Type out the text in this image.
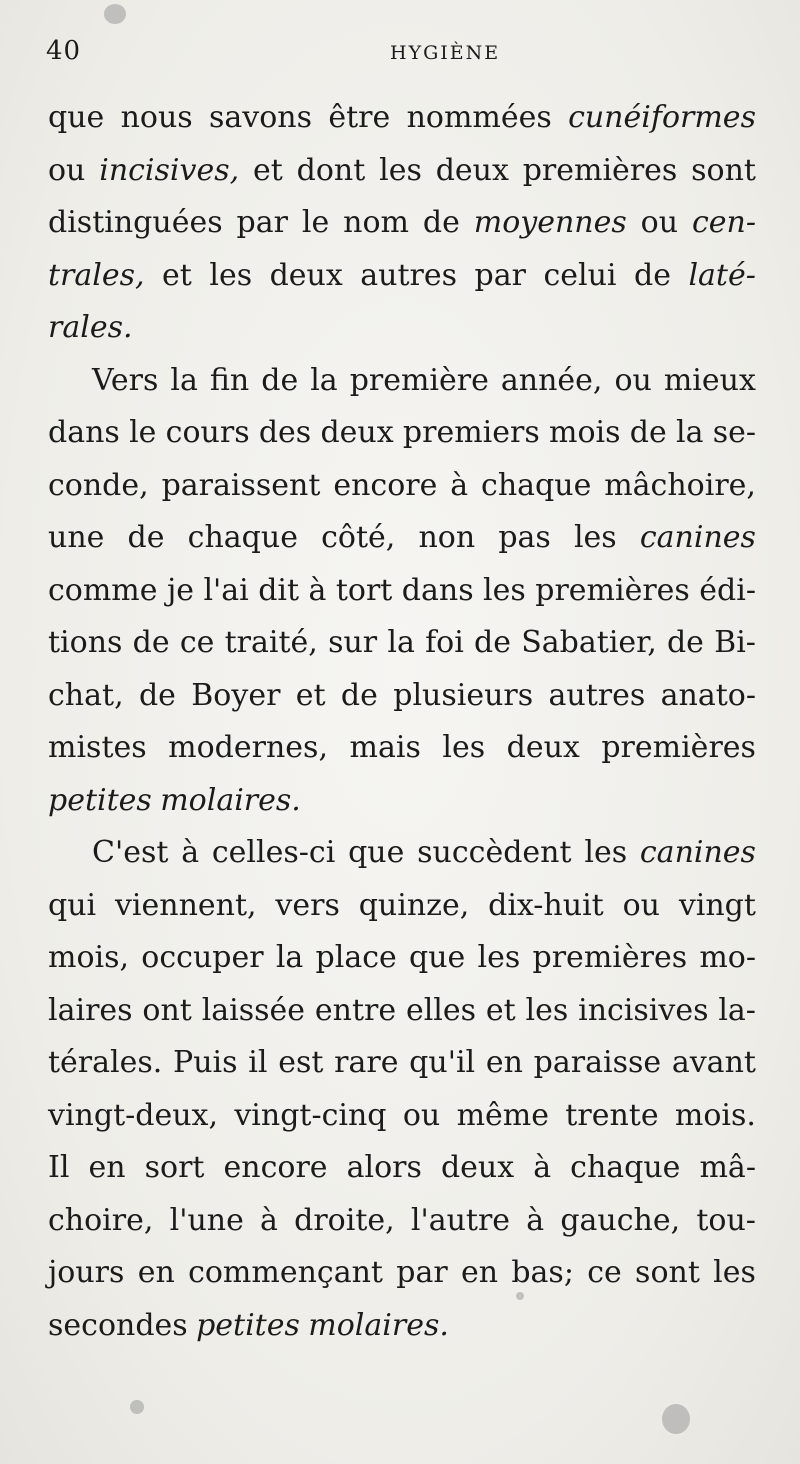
40	HYGIÈNE
que nous savons être nommées cunéiformes
ou incisives, et dont les deux premières sont
distinguées par le nom de moyennes ou cen-
trales, et les deux autres par celui de laté-
rales.
Vers la fin de la première année, ou mieux
dans le cours des deux premiers mois de la se-
conde, paraissent encore à chaque mâchoire,
une de chaque côté, non pas les canines
comme je l'ai dit à tort dans les premières édi-
tions de ce traité, sur la foi de Sabatier, de Bi-
chat, de Boyer et de plusieurs autres anato-
mistes modernes, mais les deux premières
petites molaires.
C'est à celles-ci que succèdent les canines
qui viennent, vers quinze, dix-huit ou vingt
mois, occuper la place que les premières mo-
laires ont laissée entre elles et les incisives la-
térales. Puis il est rare qu'il en paraisse avant
vingt-deux, vingt-cinq ou même trente mois.
Il en sort encore alors deux à chaque mâ-
choire, l'une à droite, l'autre à gauche, tou-
jours en commençant par en bas; ce sont les
secondes petites molaires.
